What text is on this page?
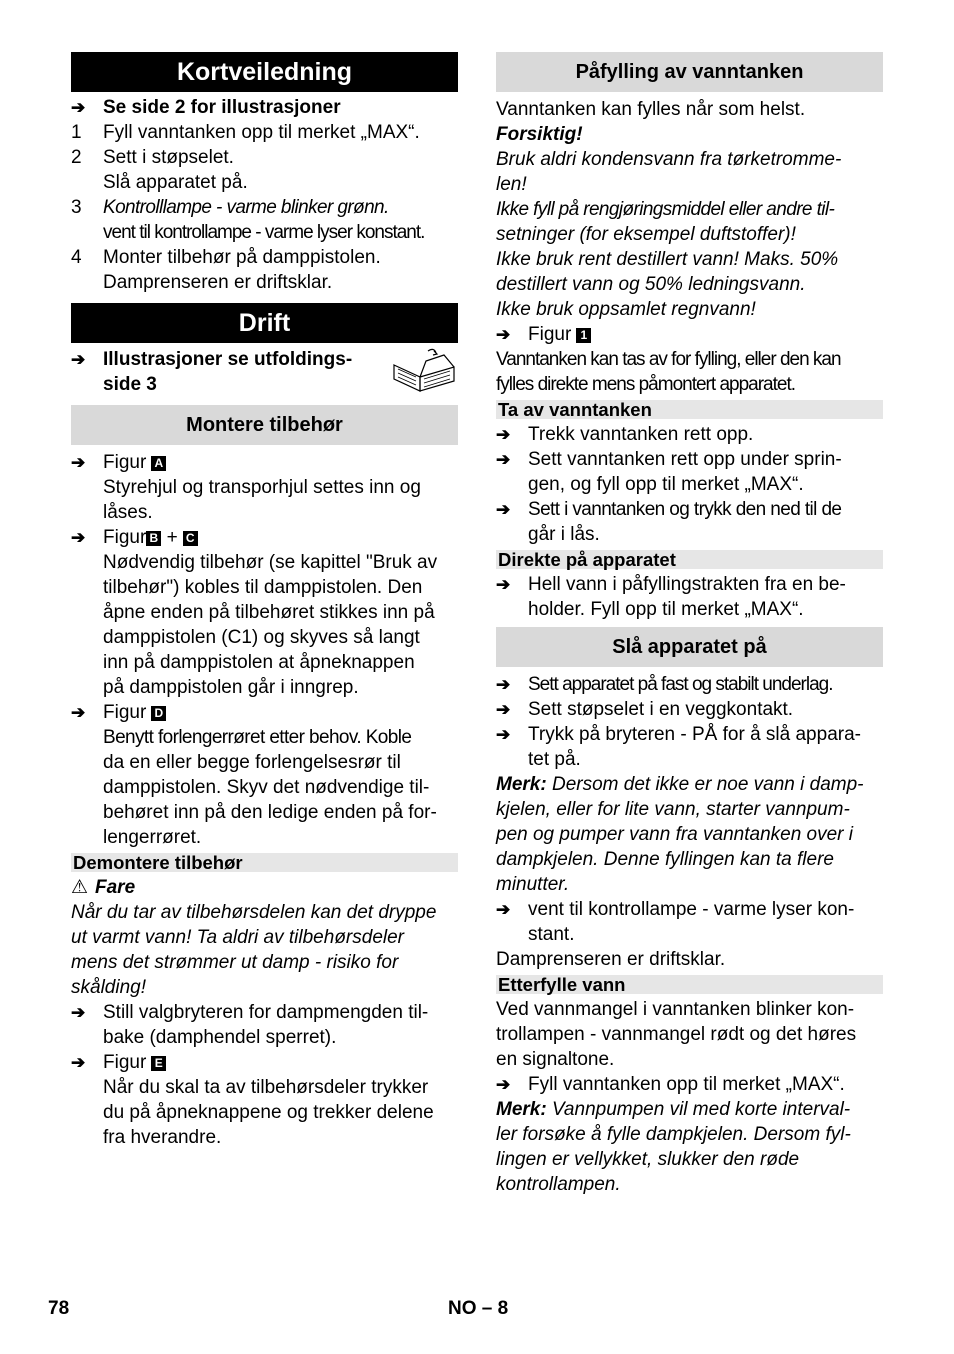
Kortveiledning
➔ Se side 2 for illustrasjoner
1	Fyll vanntanken opp til merket „MAX“.
2	Sett i støpselet.
Slå apparatet på.
3	Kontrolllampe - varme blinker grønn.
vent til kontrollampe - varme lyser konstant.
4	Monter tilbehør på damppistolen.
Damprenseren er driftsklar.
Drift
➔ Illustrasjoner se utfoldings-
side 3
Montere tilbehør
➔ Figur A
Styrehjul og transporhjul settes inn og
låses.
➔ Figur B + C
Nødvendig tilbehør (se kapittel "Bruk av
tilbehør") kobles til damppistolen. Den
åpne enden på tilbehøret stikkes inn på
damppistolen (C1) og skyves så langt
inn på damppistolen at åpneknappen
på damppistolen går i inngrep.
➔ Figur D
Benytt forlengerrøret etter behov. Koble
da en eller begge forlengelsesrør til
damppistolen. Skyv det nødvendige til-
behøret inn på den ledige enden på for-
lengerrøret.
Demontere tilbehør
⚠ Fare
Når du tar av tilbehørsdelen kan det dryppe
ut varmt vann! Ta aldri av tilbehørsdeler
mens det strømmer ut damp - risiko for
skålding!
➔ Still valgbryteren for dampmengden til-
bake (damphendel sperret).
➔ Figur E
Når du skal ta av tilbehørsdeler trykker
du på åpneknappene og trekker delene
fra hverandre.
Påfylling av vanntanken
Vanntanken kan fylles når som helst.
Forsiktig!
Bruk aldri kondensvann fra tørketromme-
len!
Ikke fyll på rengjøringsmiddel eller andre til-
setninger (for eksempel duftstoffer)!
Ikke bruk rent destillert vann! Maks. 50%
destillert vann og 50% ledningsvann.
Ikke bruk oppsamlet regnvann!
➔ Figur 1
Vanntanken kan tas av for fylling, eller den kan
fylles direkte mens påmontert apparatet.
Ta av vanntanken
➔ Trekk vanntanken rett opp.
➔ Sett vanntanken rett opp under sprin-
gen, og fyll opp til merket „MAX“.
➔ Sett i vanntanken og trykk den ned til de
går i lås.
Direkte på apparatet
➔ Hell vann i påfyllingstrakten fra en be-
holder. Fyll opp til merket „MAX“.
Slå apparatet på
➔ Sett apparatet på fast og stabilt underlag.
➔ Sett støpselet i en veggkontakt.
➔ Trykk på bryteren - PÅ for å slå appara-
tet på.
Merk: Dersom det ikke er noe vann i damp-
kjelen, eller for lite vann, starter vannpum-
pen og pumper vann fra vanntanken over i
dampkjelen. Denne fyllingen kan ta flere
minutter.
➔ vent til kontrollampe - varme lyser kon-
stant.
Damprenseren er driftsklar.
Etterfylle vann
Ved vannmangel i vanntanken blinker kon-
trollampen - vannmangel rødt og det høres
en signaltone.
➔ Fyll vanntanken opp til merket „MAX“.
Merk: Vannpumpen vil med korte interval-
ler forsøke å fylle dampkjelen. Dersom fyl-
lingen er vellykket, slukker den røde
kontrollampen.
78	NO – 8
